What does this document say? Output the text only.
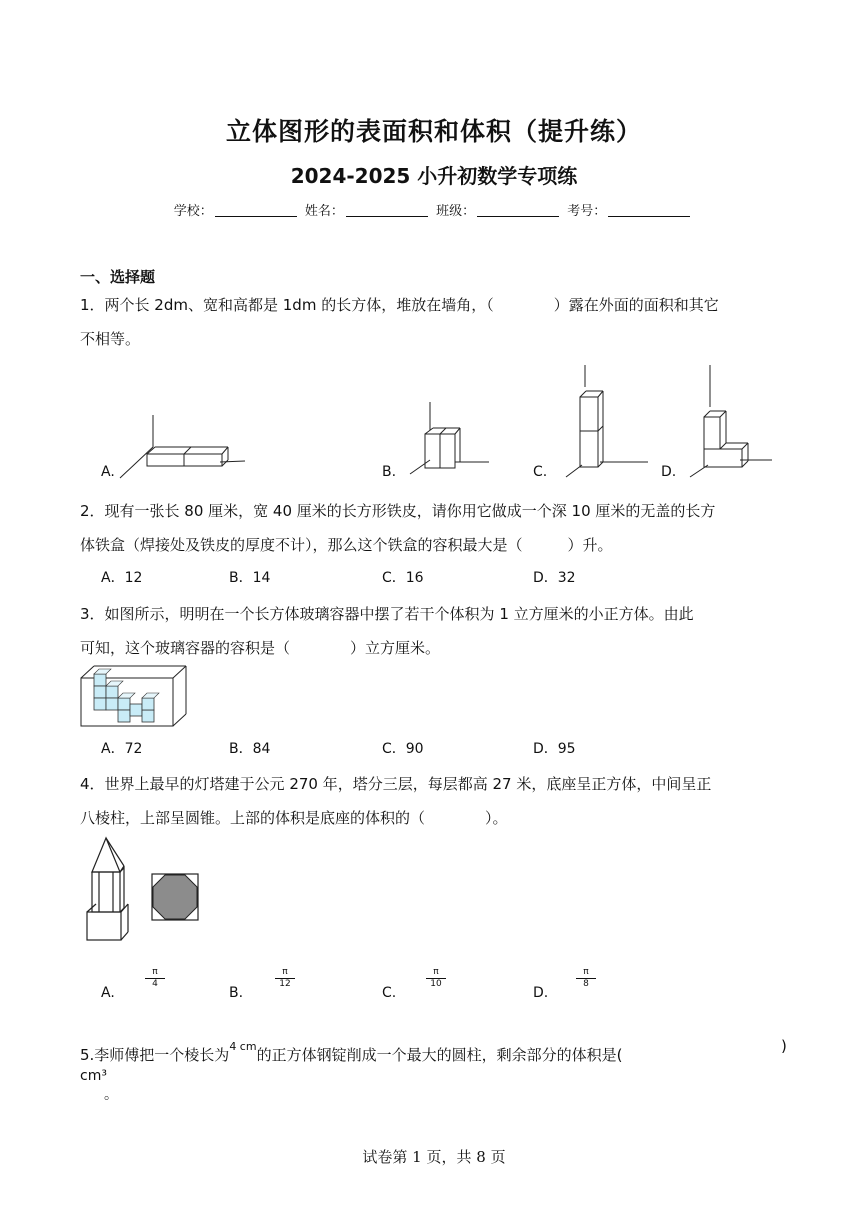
立体图形的表面积和体积（提升练）
2024-2025 小升初数学专项练
学校：	姓名：	班级：	考号：
一、选择题
1．两个长 2dm、宽和高都是 1dm 的长方体，堆放在墙角，（　　　　）露在外面的面积和其它
不相等。
A.	B.	C.	D.
2．现有一张长 80 厘米，宽 40 厘米的长方形铁皮，请你用它做成一个深 10 厘米的无盖的长方
体铁盒（焊接处及铁皮的厚度不计），那么这个铁盒的容积最大是（　　　）升。
A．12	B．14	C．16	D．32
3．如图所示，明明在一个长方体玻璃容器中摆了若干个体积为 1 立方厘米的小正方体。由此
可知，这个玻璃容器的容积是（　　　　）立方厘米。
A．72	B．84	C．90	D．95
4．世界上最早的灯塔建于公元 270 年，塔分三层，每层都高 27 米，底座呈正方体，中间呈正
八棱柱，上部呈圆锥。上部的体积是底座的体积的（　　　　）。
A.
$\frac{\pi}{4}$
B.
$\frac{\pi}{12}$
C.
$\frac{\pi}{10}$
D.
$\frac{\pi}{8}$
5.李师傅把一个棱长为$^{4 cm}$的正方体钢锭削成一个最大的圆柱，剩余部分的体积是(	)
cm³
。
试卷第 1 页，共 8 页
